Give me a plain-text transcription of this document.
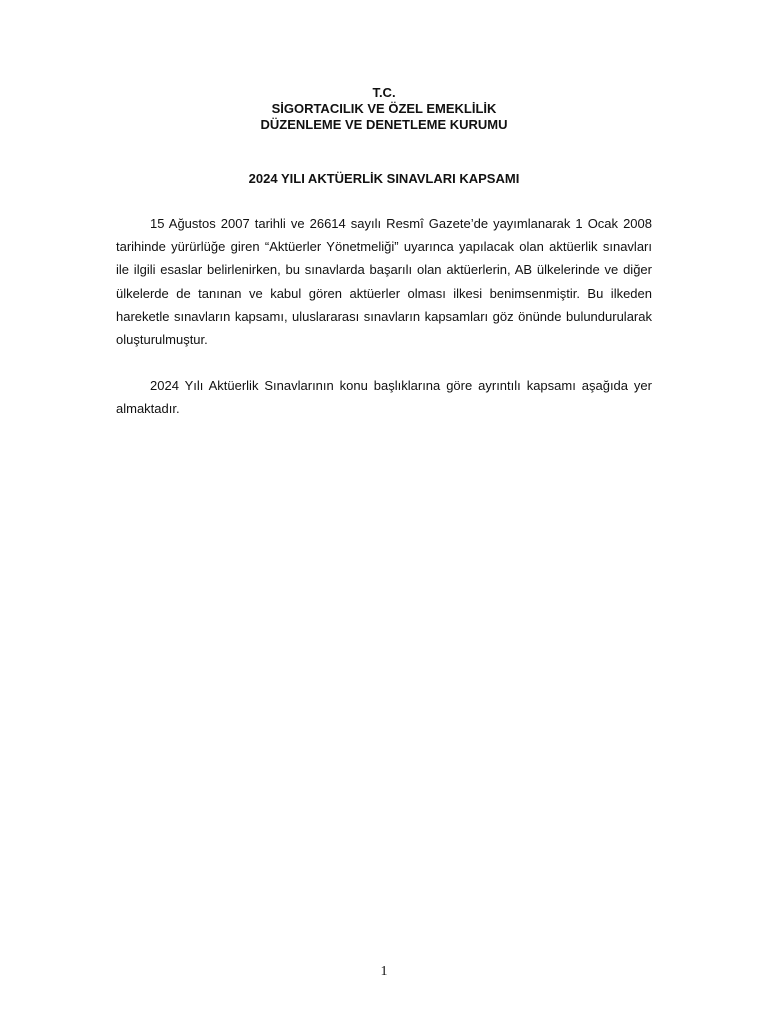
T.C.
SİGORTACILIK VE ÖZEL EMEKLİLİK
DÜZENLEME VE DENETLEME KURUMU
2024 YILI AKTÜERLİK SINAVLARI KAPSAMI

15 Ağustos 2007 tarihli ve 26614 sayılı Resmî Gazete’de yayımlanarak 1 Ocak 2008 tarihinde yürürlüğe giren “Aktüerler Yönetmeliği” uyarınca yapılacak olan aktüerlik sınavları ile ilgili esaslar belirlenirken, bu sınavlarda başarılı olan aktüerlerin, AB ülkelerinde ve diğer ülkelerde de tanınan ve kabul gören aktüerler olması ilkesi benimsenmiştir. Bu ilkeden hareketle sınavların kapsamı, uluslararası sınavların kapsamları göz önünde bulundurularak oluşturulmuştur.

2024 Yılı Aktüerlik Sınavlarının konu başlıklarına göre ayrıntılı kapsamı aşağıda yer almaktadır.

1
